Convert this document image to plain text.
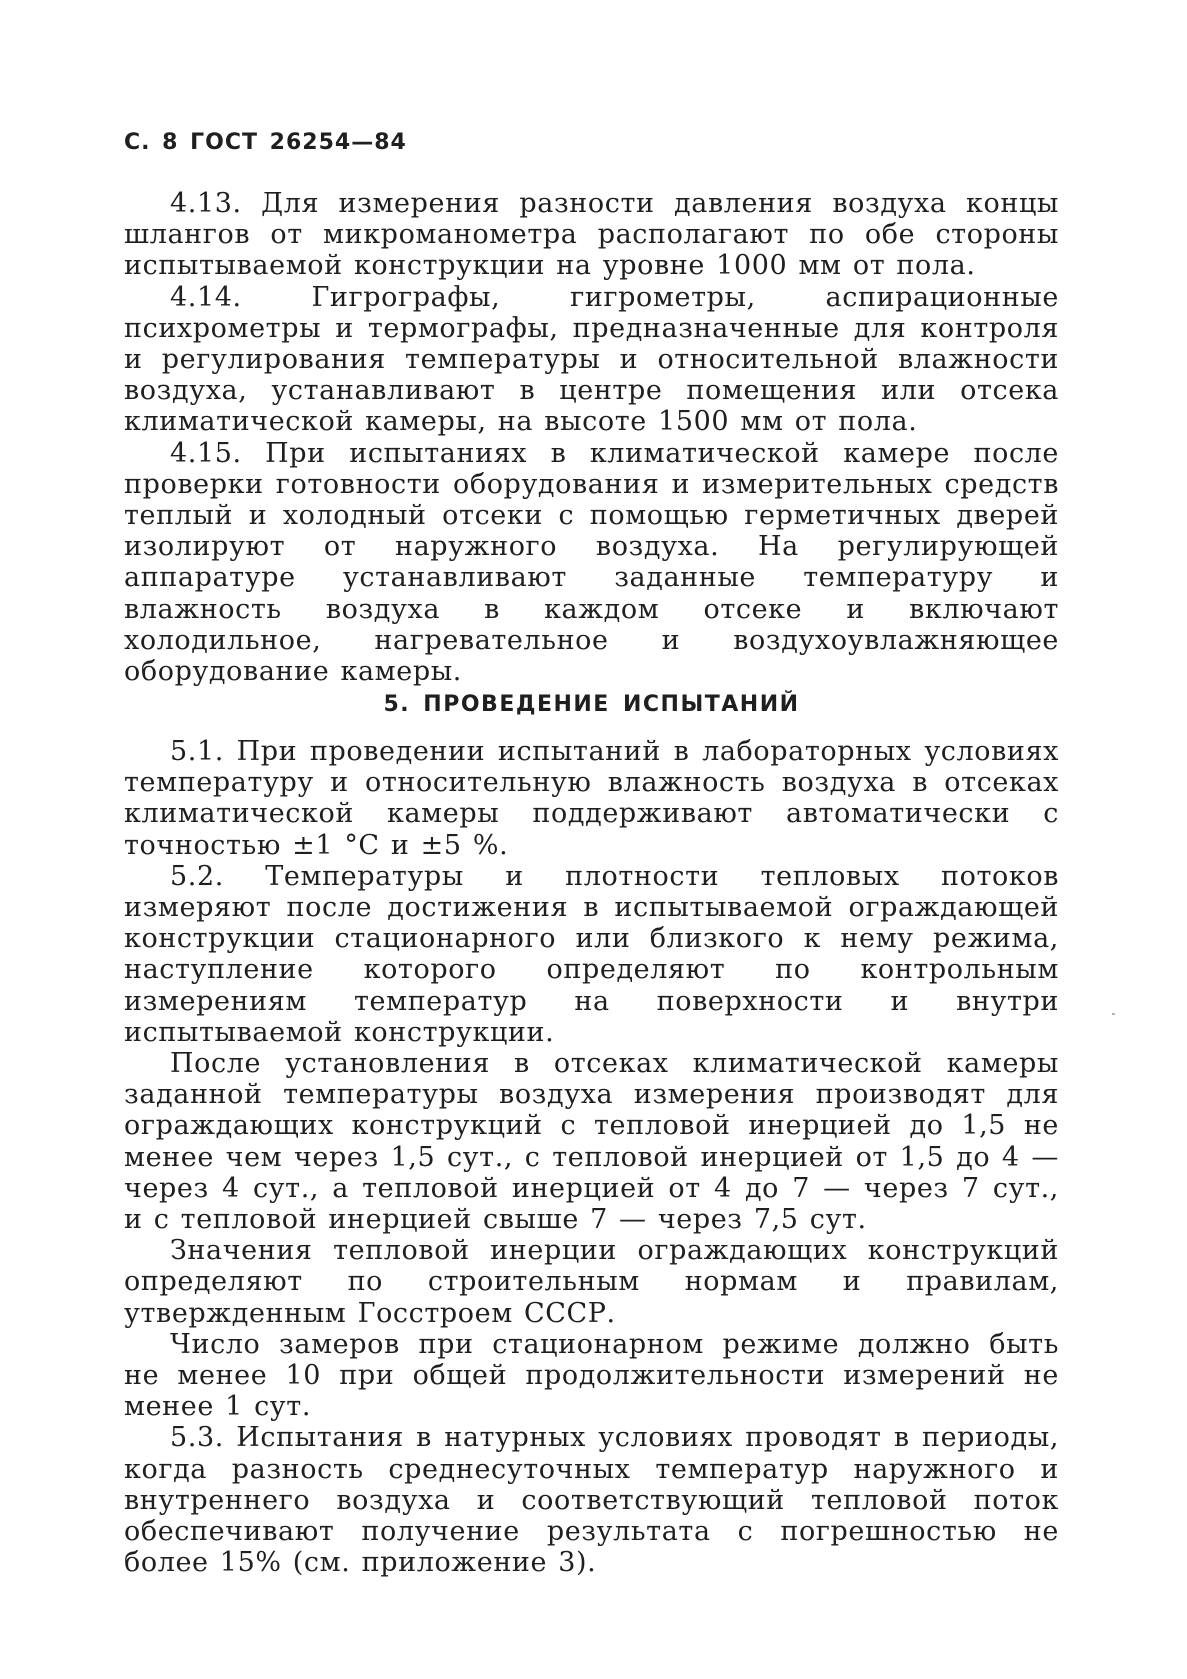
С. 8 ГОСТ 26254—84

4.13. Для измерения разности давления воздуха концы шлангов от микроманометра располагают по обе стороны испытываемой конструкции на уровне 1000 мм от пола.

4.14. Гигрографы, гигрометры, аспирационные психрометры и термографы, предназначенные для контроля и регулирования температуры и относительной влажности воздуха, устанавливают в центре помещения или отсека климатической камеры, на высоте 1500 мм от пола.

4.15. При испытаниях в климатической камере после проверки готовности оборудования и измерительных средств теплый и холодный отсеки с помощью герметичных дверей изолируют от наружного воздуха. На регулирующей аппаратуре устанавливают заданные температуру и влажность воздуха в каждом отсеке и включают холодильное, нагревательное и воздухоувлажняющее оборудование камеры.

5. ПРОВЕДЕНИЕ ИСПЫТАНИЙ

5.1. При проведении испытаний в лабораторных условиях температуру и относительную влажность воздуха в отсеках климатической камеры поддерживают автоматически с точностью ±1 °С и ±5 %.

5.2. Температуры и плотности тепловых потоков измеряют после достижения в испытываемой ограждающей конструкции стационарного или близкого к нему режима, наступление которого определяют по контрольным измерениям температур на поверхности и внутри испытываемой конструкции.

После установления в отсеках климатической камеры заданной температуры воздуха измерения производят для ограждающих конструкций с тепловой инерцией до 1,5 не менее чем через 1,5 сут., с тепловой инерцией от 1,5 до 4 — через 4 сут., а тепловой инерцией от 4 до 7 — через 7 сут., и с тепловой инерцией свыше 7 — через 7,5 сут.

Значения тепловой инерции ограждающих конструкций определяют по строительным нормам и правилам, утвержденным Госстроем СССР.

Число замеров при стационарном режиме должно быть не менее 10 при общей продолжительности измерений не менее 1 сут.

5.3. Испытания в натурных условиях проводят в периоды, когда разность среднесуточных температур наружного и внутреннего воздуха и соответствующий тепловой поток обеспечивают получение результата с погрешностью не более 15% (см. приложение 3).
